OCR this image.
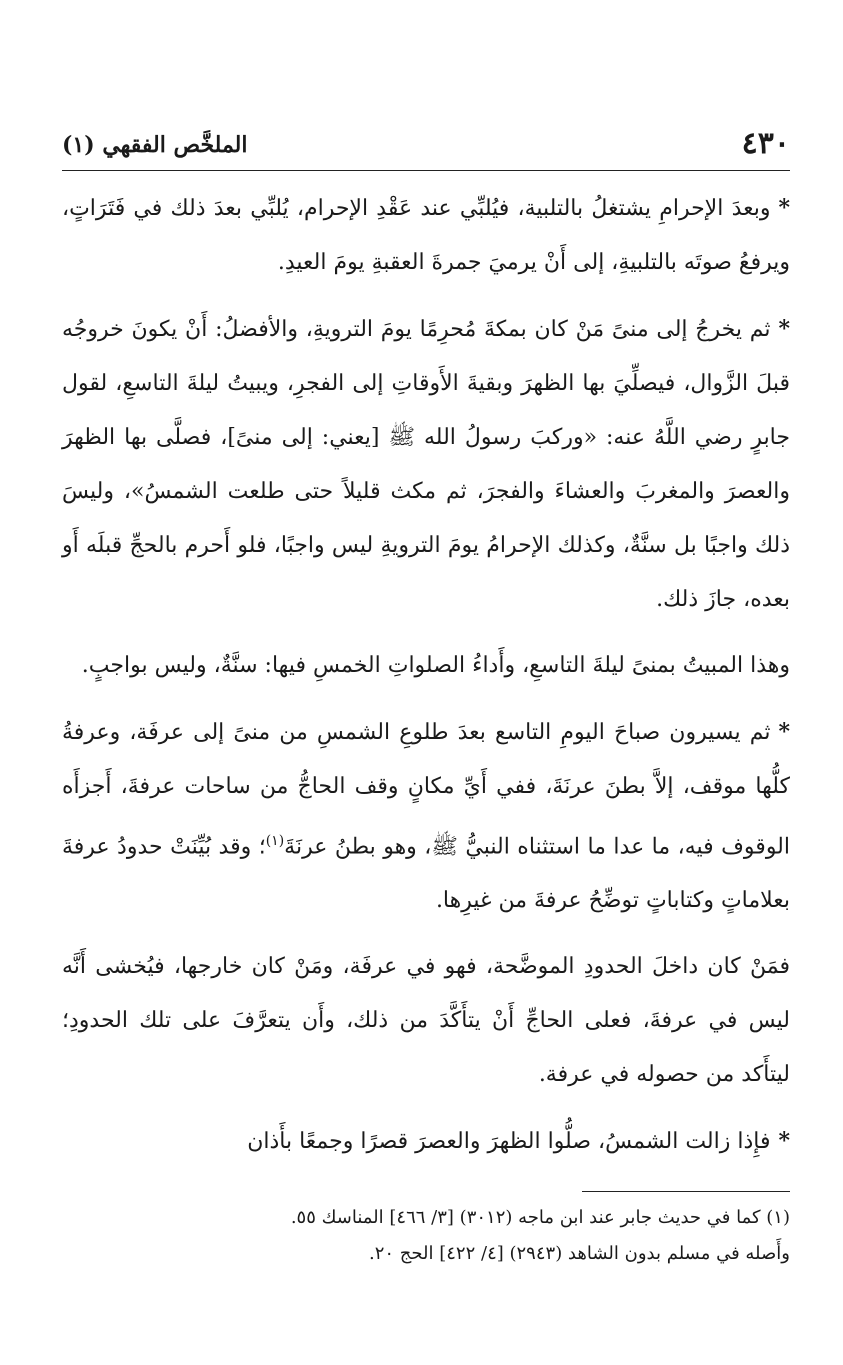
٤٣٠
الملخَّص الفقهي (١)

*وبعدَ الإحرامِ يشتغلُ بالتلبية، فيُلبِّي عند عَقْدِ الإحرام، يُلبِّي بعدَ ذلك في فَتَرَاتٍ، ويرفعُ صوتَه بالتلبيةِ، إلى أَنْ يرميَ جمرةَ العقبةِ يومَ العيدِ.

*ثم يخرجُ إلى منىً مَنْ كان بمكةَ مُحرِمًا يومَ الترويةِ، والأفضلُ: أَنْ يكونَ خروجُه قبلَ الزَّوال، فيصلِّيَ بها الظهرَ وبقيةَ الأَوقاتِ إلى الفجرِ، ويبيتُ ليلةَ التاسعِ، لقول جابرٍ رضي اللَّهُ عنه: «وركبَ رسولُ الله ﷺ [يعني: إلى منىً]، فصلَّى بها الظهرَ والعصرَ والمغربَ والعشاءَ والفجرَ، ثم مكث قليلاً حتى طلعت الشمسُ»، وليسَ ذلك واجبًا بل سنَّةٌ، وكذلك الإحرامُ يومَ الترويةِ ليس واجبًا، فلو أَحرم بالحجِّ قبلَه أَو بعده، جازَ ذلك.

وهذا المبيتُ بمنىً ليلةَ التاسعِ، وأَداءُ الصلواتِ الخمسِ فيها: سنَّةٌ، وليس بواجبٍ.

*ثم يسيرون صباحَ اليومِ التاسع بعدَ طلوعِ الشمسِ من منىً إلى عرفَة، وعرفةُ كلُّها موقف، إلاَّ بطنَ عرنَةَ، ففي أَيِّ مكانٍ وقف الحاجُّ من ساحات عرفةَ، أَجزأَه الوقوف فيه، ما عدا ما استثناه النبيُّ ﷺ، وهو بطنُ عرنَةَ$^{(١)}$؛ وقد بُيِّنَتْ حدودُ عرفةَ بعلاماتٍ وكتاباتٍ توضِّحُ عرفةَ من غيرِها.

فمَنْ كان داخلَ الحدودِ الموضَّحة، فهو في عرفَة، ومَنْ كان خارجها، فيُخشى أَنَّه ليس في عرفةَ، فعلى الحاجِّ أَنْ يتأَكَّدَ من ذلك، وأَن يتعرَّفَ على تلك الحدودِ؛ ليتأَكد من حصوله في عرفة.

*فإِذا زالت الشمسُ، صلُّوا الظهرَ والعصرَ قصرًا وجمعًا بأَذان

(١) كما في حديث جابر عند ابن ماجه (٣٠١٢) [٣/ ٤٦٦] المناسك ٥٥.

وأَصله في مسلم بدون الشاهد (٢٩٤٣) [٤/ ٤٢٢] الحج ٢٠.
